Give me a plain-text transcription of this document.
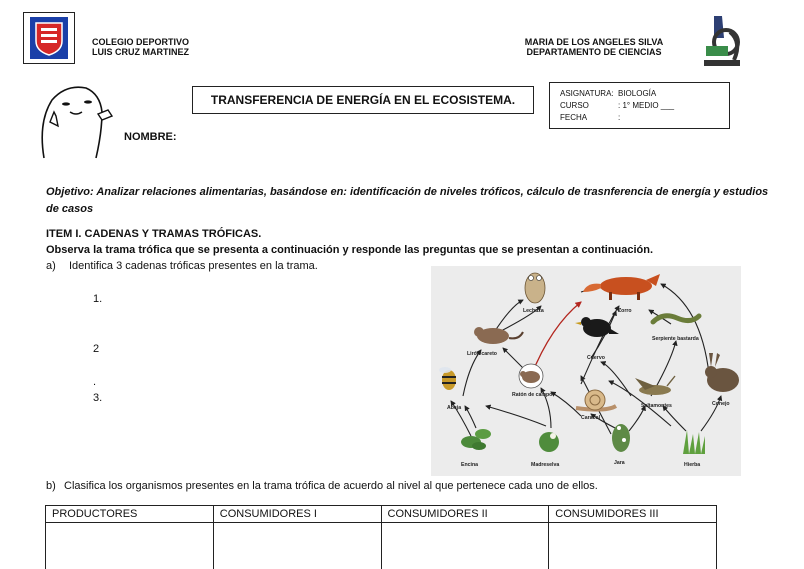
COLEGIO DEPORTIVO
LUIS CRUZ MARTINEZ
MARIA DE LOS ANGELES SILVA
DEPARTAMENTO DE CIENCIAS
TRANSFERENCIA DE ENERGÍA EN EL ECOSISTEMA.	ASIGNATURA: BIOLOGÍA
CURSO	: 1° MEDIO ___
FECHA	:
NOMBRE:
Objetivo: Analizar relaciones alimentarias, basándose en: identificación de niveles tróficos, cálculo de trasnferencia de energía y estudios de casos
ITEM I. CADENAS Y TRAMAS TRÓFICAS.
Observa la trama trófica que se presenta a continuación y responde las preguntas que se presentan a continuación.
a) Identifica 3 cadenas tróficas presentes en la trama.
1.
2
.
3.
Lechuza	Zorro
Serpiente bastarda
Lirón careto
Cuervo
Ratón de campo
Abeja
Caracol
Saltamontes	Conejo
Encina	Madreselva	Jara	Hierba
b) Clasifica los organismos presentes en la trama trófica de acuerdo al nivel al que pertenece cada uno de ellos.
PRODUCTORES	CONSUMIDORES I	CONSUMIDORES II	CONSUMIDORES III
